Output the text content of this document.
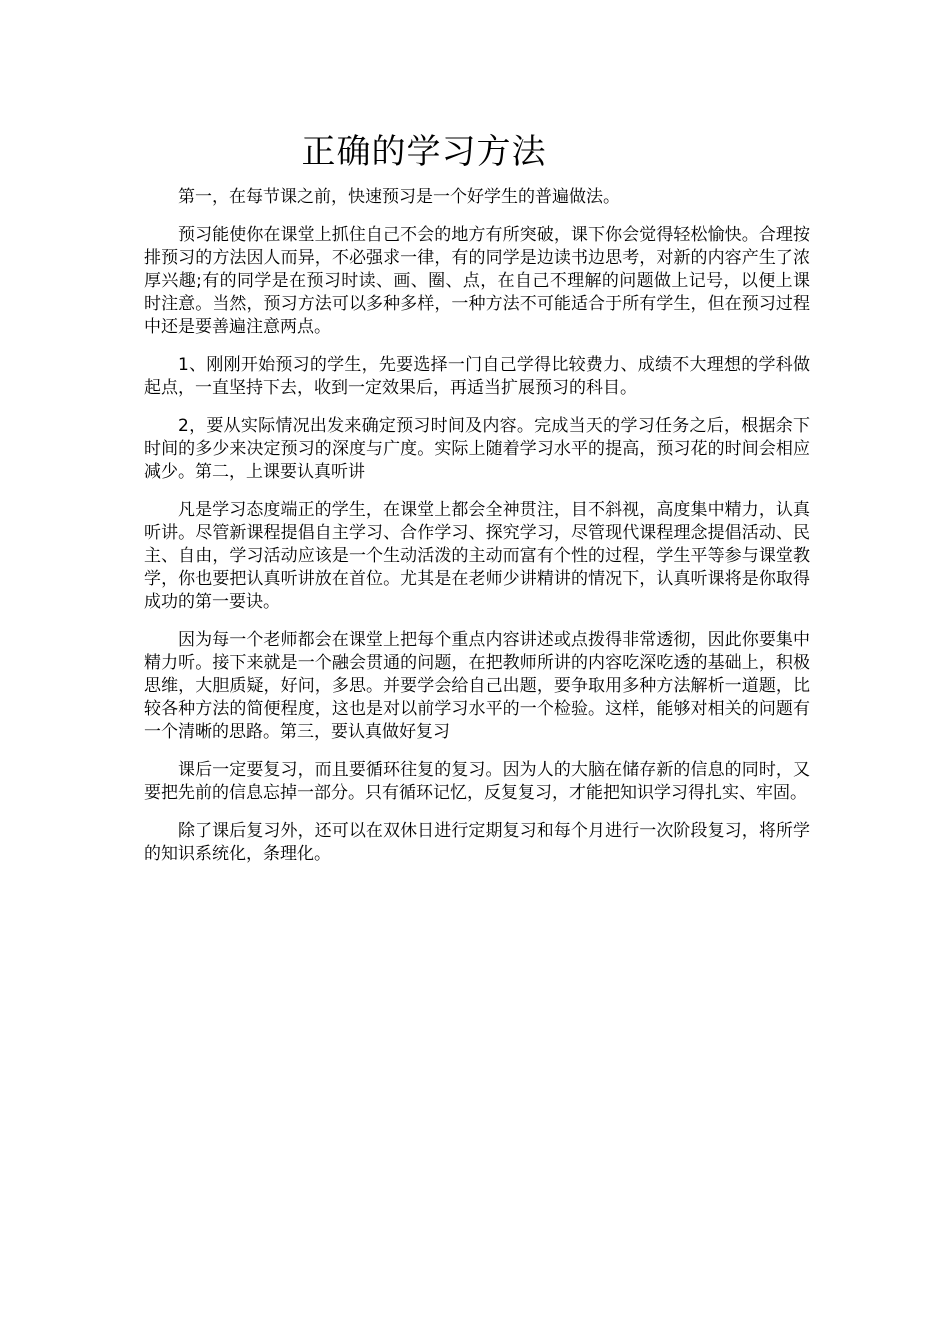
正确的学习方法

第一，在每节课之前，快速预习是一个好学生的普遍做法。

预习能使你在课堂上抓住自己不会的地方有所突破，课下你会觉得轻松愉快。合理按排预习的方法因人而异，不必强求一律，有的同学是边读书边思考，对新的内容产生了浓厚兴趣;有的同学是在预习时读、画、圈、点，在自己不理解的问题做上记号，以便上课时注意。当然，预习方法可以多种多样，一种方法不可能适合于所有学生，但在预习过程中还是要善遍注意两点。

1、刚刚开始预习的学生，先要选择一门自己学得比较费力、成绩不大理想的学科做起点，一直坚持下去，收到一定效果后，再适当扩展预习的科目。

2，要从实际情况出发来确定预习时间及内容。完成当天的学习任务之后，根据余下时间的多少来决定预习的深度与广度。实际上随着学习水平的提高，预习花的时间会相应减少。第二，上课要认真听讲

凡是学习态度端正的学生，在课堂上都会全神贯注，目不斜视，高度集中精力，认真听讲。尽管新课程提倡自主学习、合作学习、探究学习，尽管现代课程理念提倡活动、民主、自由，学习活动应该是一个生动活泼的主动而富有个性的过程，学生平等参与课堂教学，你也要把认真听讲放在首位。尤其是在老师少讲精讲的情况下，认真听课将是你取得成功的第一要诀。

因为每一个老师都会在课堂上把每个重点内容讲述或点拨得非常透彻，因此你要集中精力听。接下来就是一个融会贯通的问题，在把教师所讲的内容吃深吃透的基础上，积极思维，大胆质疑，好问，多思。并要学会给自己出题，要争取用多种方法解析一道题，比较各种方法的简便程度，这也是对以前学习水平的一个检验。这样，能够对相关的问题有一个清晰的思路。第三，要认真做好复习

课后一定要复习，而且要循环往复的复习。因为人的大脑在储存新的信息的同时，又要把先前的信息忘掉一部分。只有循环记忆，反复复习，才能把知识学习得扎实、牢固。

除了课后复习外，还可以在双休日进行定期复习和每个月进行一次阶段复习，将所学的知识系统化，条理化。
